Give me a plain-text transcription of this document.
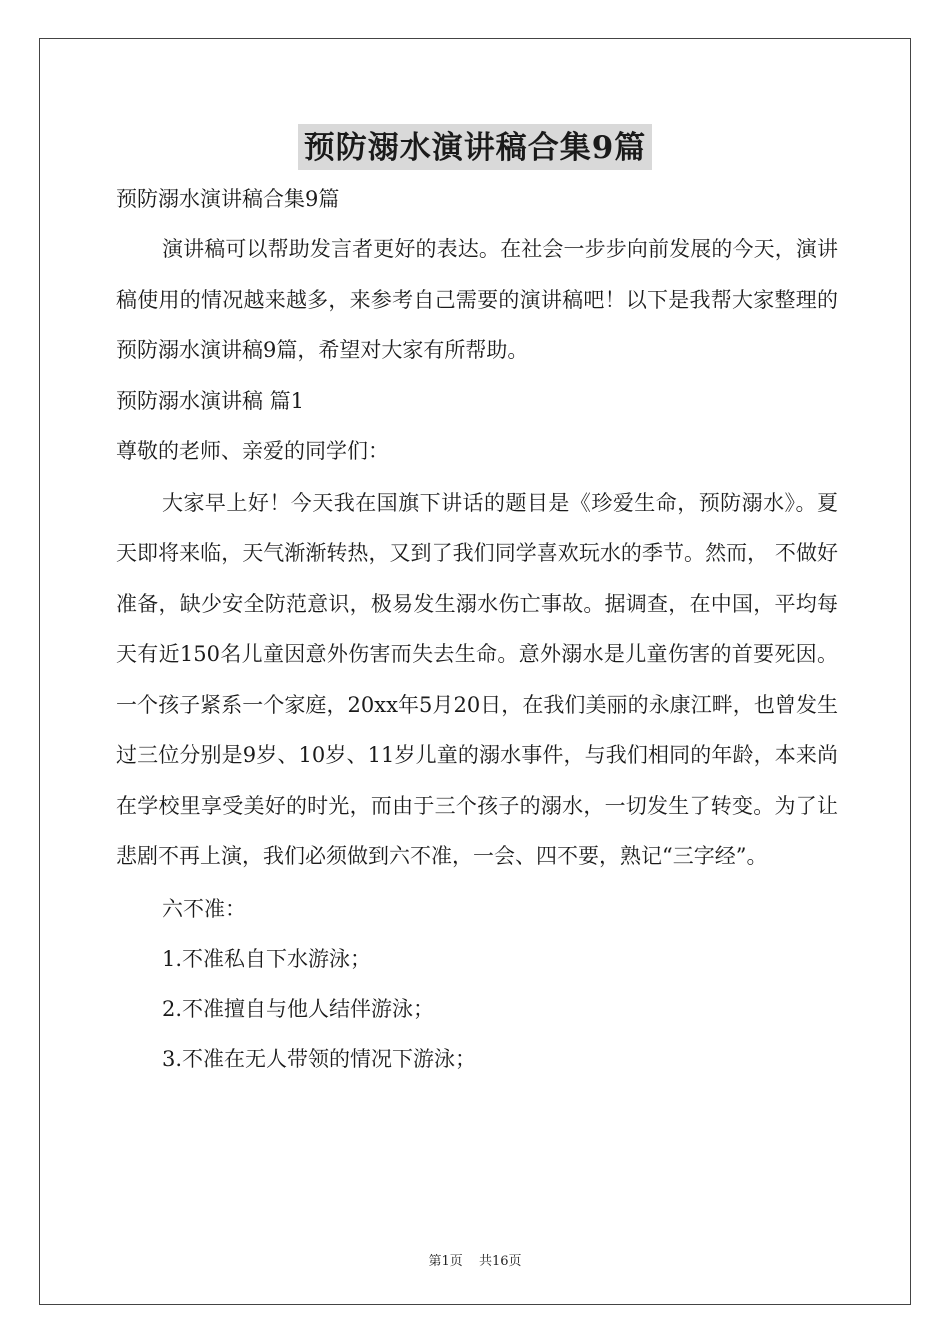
预防溺水演讲稿合集9篇

预防溺水演讲稿合集9篇

演讲稿可以帮助发言者更好的表达。在社会一步步向前发展的今天，演讲稿使用的情况越来越多，来参考自己需要的演讲稿吧！以下是我帮大家整理的预防溺水演讲稿9篇，希望对大家有所帮助。

预防溺水演讲稿 篇1

尊敬的老师、亲爱的同学们：

大家早上好！今天我在国旗下讲话的题目是《珍爱生命，预防溺水》。夏天即将来临，天气渐渐转热，又到了我们同学喜欢玩水的季节。然而， 不做好准备，缺少安全防范意识，极易发生溺水伤亡事故。据调查，在中国，平均每天有近150名儿童因意外伤害而失去生命。意外溺水是儿童伤害的首要死因。一个孩子紧系一个家庭，20xx年5月20日，在我们美丽的永康江畔，也曾发生过三位分别是9岁、10岁、11岁儿童的溺水事件，与我们相同的年龄，本来尚在学校里享受美好的时光，而由于三个孩子的溺水，一切发生了转变。为了让悲剧不再上演，我们必须做到六不准，一会、四不要，熟记“三字经”。

六不准：

1.不准私自下水游泳；

2.不准擅自与他人结伴游泳；

3.不准在无人带领的情况下游泳；

第1页 共16页
